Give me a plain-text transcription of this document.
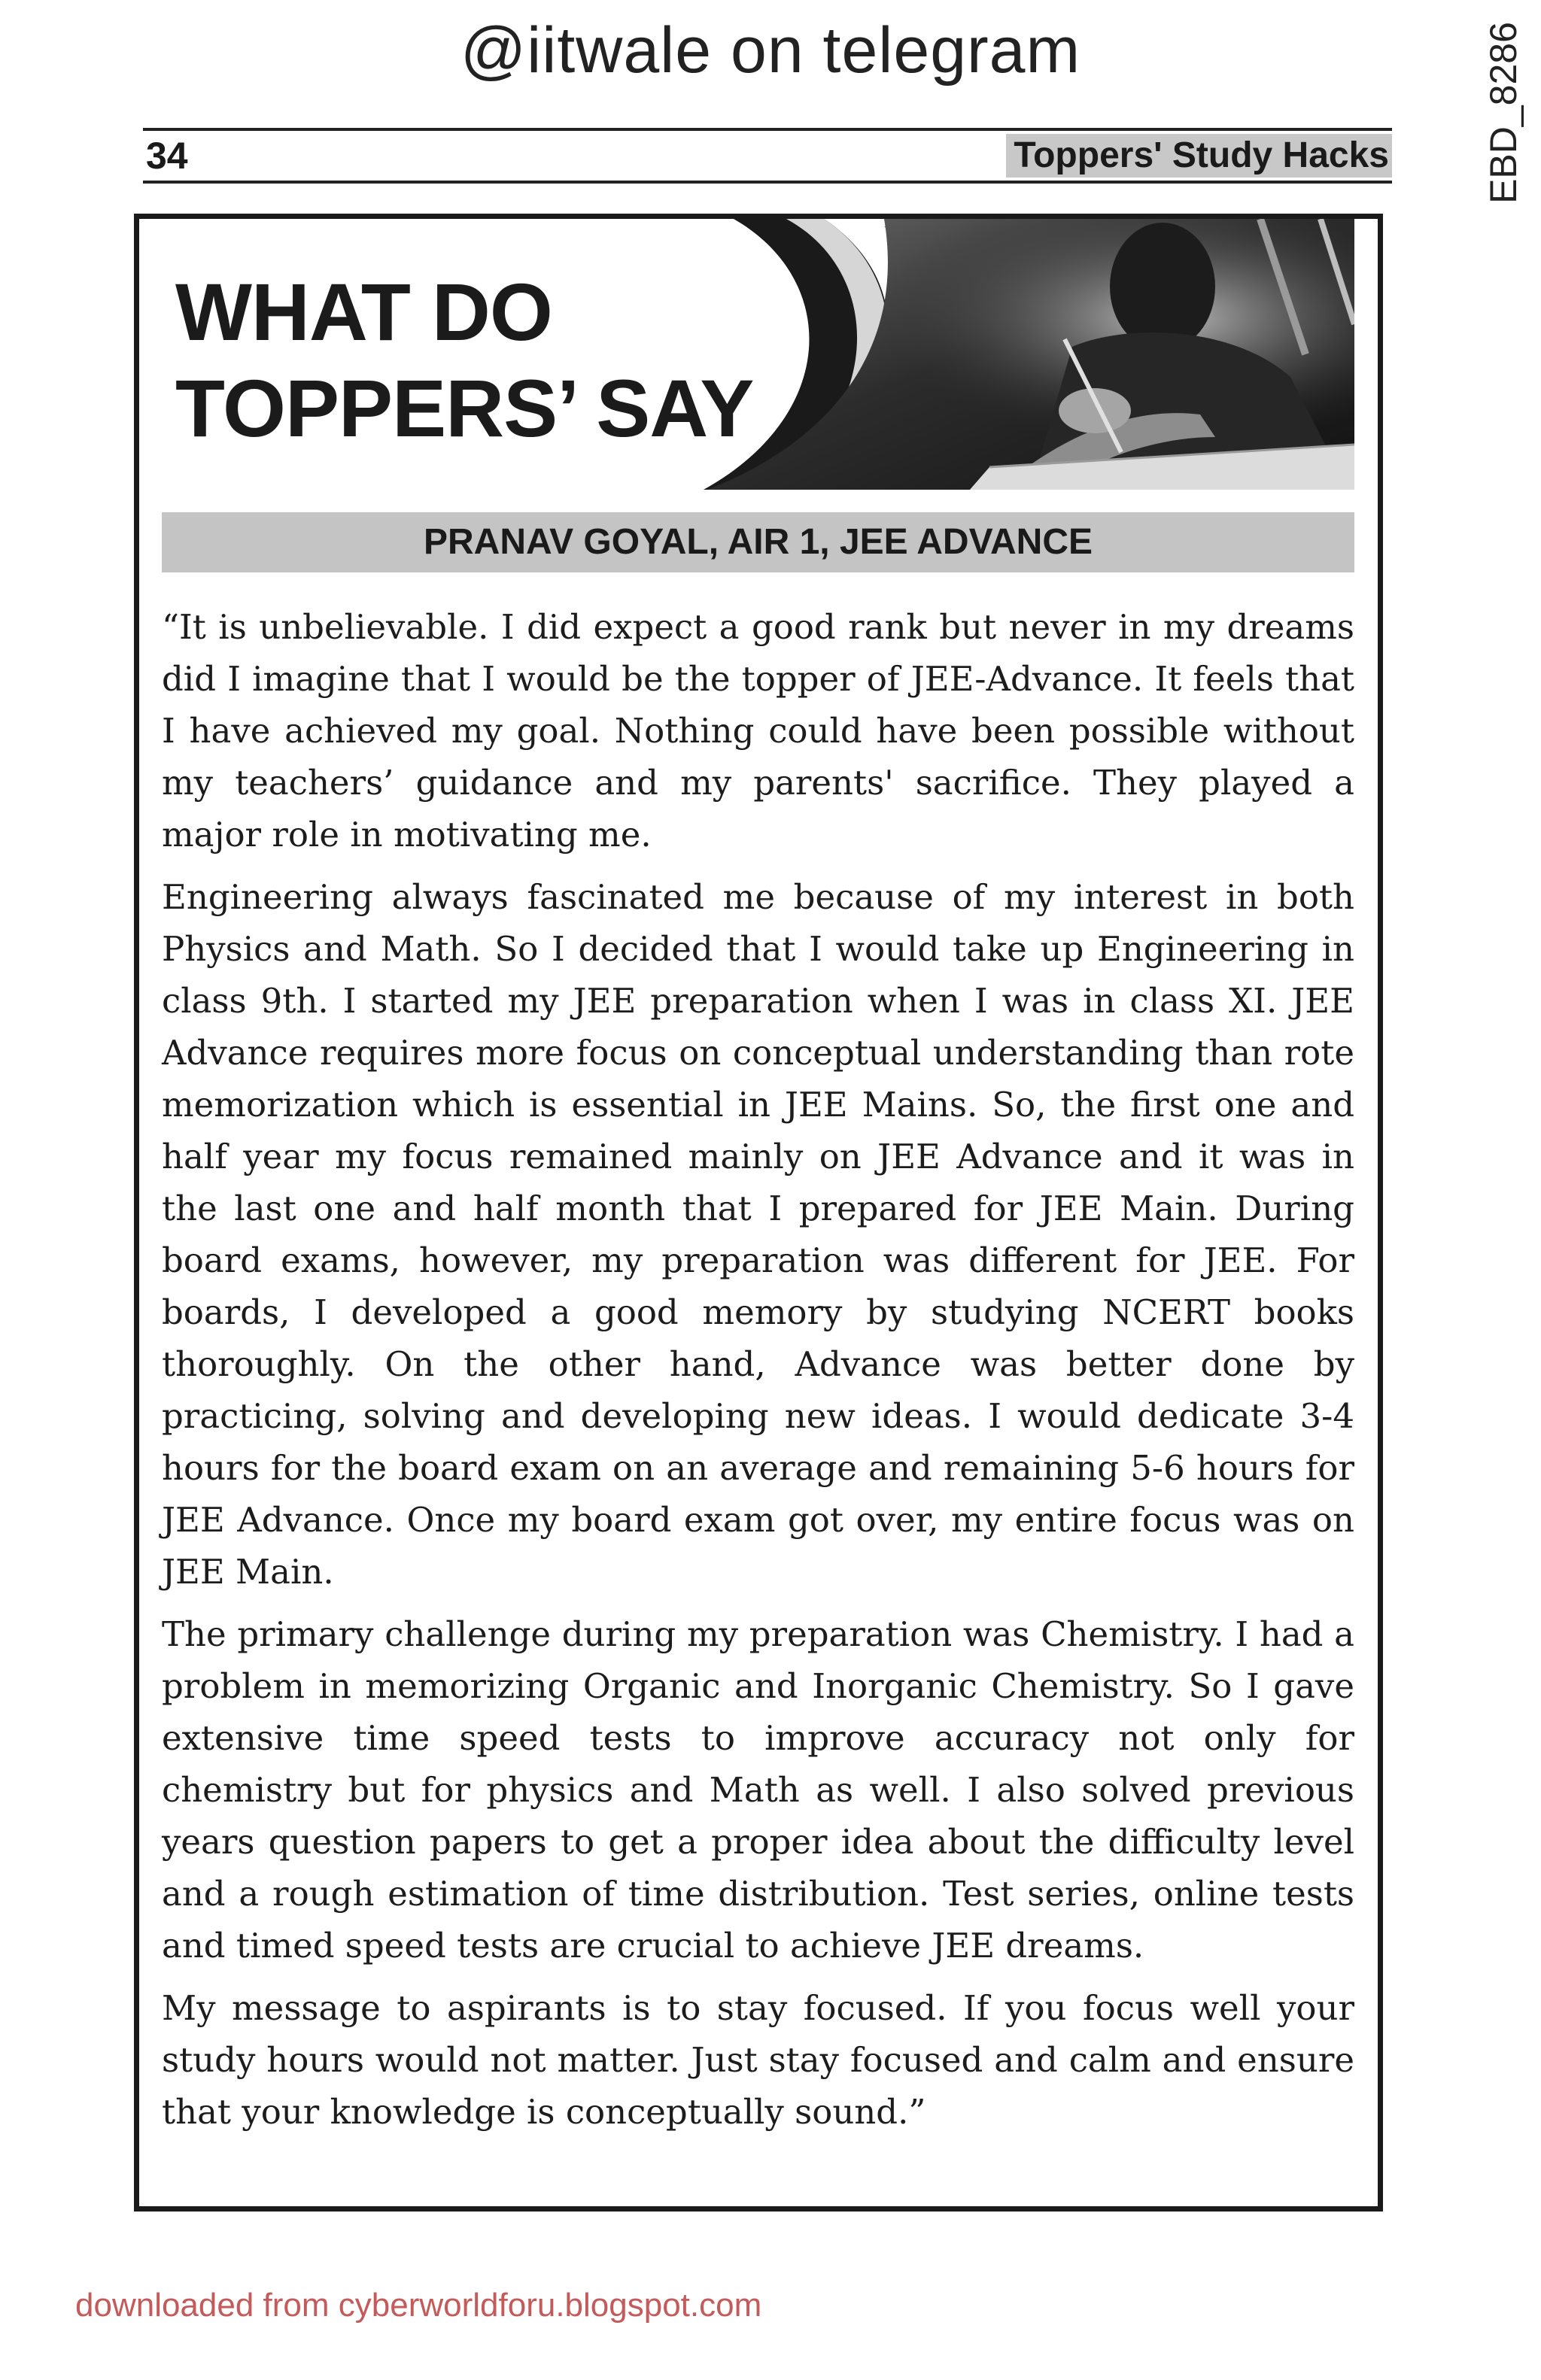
@iitwale on telegram	EBD_8286
34	Toppers' Study Hacks
WHAT DO
TOPPERS’ SAY
PRANAV GOYAL, AIR 1, JEE ADVANCE

“It is unbelievable. I did expect a good rank but never in my dreams did I imagine that I would be the topper of JEE-Advance. It feels that I have achieved my goal. Nothing could have been possible without my teachers’ guidance and my parents' sacrifice. They played a major role in motivating me.

Engineering always fascinated me because of my interest in both Physics and Math. So I decided that I would take up Engineering in class 9th. I started my JEE preparation when I was in class XI. JEE Advance requires more focus on conceptual understanding than rote memorization which is essential in JEE Mains. So, the first one and half year my focus remained mainly on JEE Advance and it was in the last one and half month that I prepared for JEE Main. During board exams, however, my preparation was different for JEE. For boards, I developed a good memory by studying NCERT books thoroughly. On the other hand, Advance was better done by practicing, solving and developing new ideas. I would dedicate 3-4 hours for the board exam on an average and remaining 5-6 hours for JEE Advance. Once my board exam got over, my entire focus was on JEE Main.

The primary challenge during my preparation was Chemistry. I had a problem in memorizing Organic and Inorganic Chemistry. So I gave extensive time speed tests to improve accuracy not only for chemistry but for physics and Math as well. I also solved previous years question papers to get a proper idea about the difficulty level and a rough estimation of time distribution. Test series, online tests and timed speed tests are crucial to achieve JEE dreams.

My message to aspirants is to stay focused. If you focus well your study hours would not matter. Just stay focused and calm and ensure that your knowledge is conceptually sound.”

downloaded from cyberworldforu.blogspot.com
